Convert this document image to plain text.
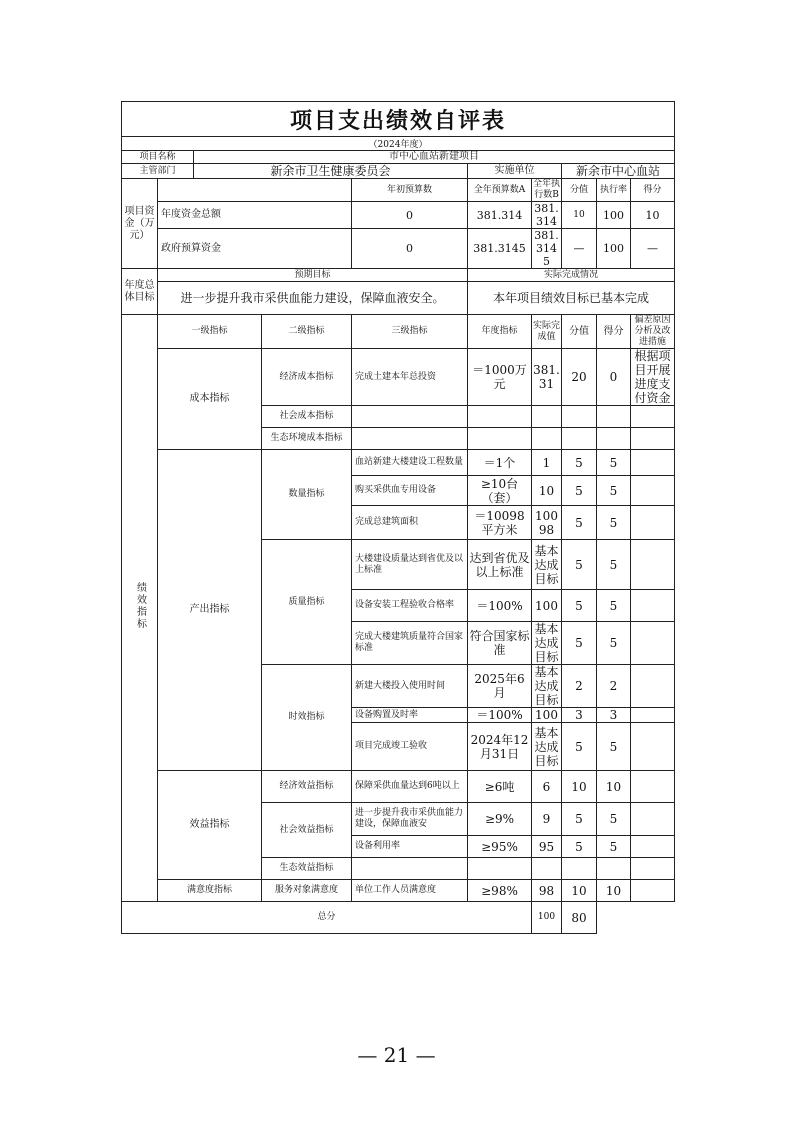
项目支出绩效自评表									
（2024年度）									
项目名称		市中心血站新建项目							
主管部门		新余市卫生健康委员会			实施单位		新余市中心血站		
项目资金（万元）				年初预算数	全年预算数A	全年执行数B	分值	执行率	得分
	年度资金总额			0	381.314	381.314	10	100	10
	政府预算资金			0	381.3145	381.3145	—	100	—
年度总体目标	预期目标				实际完成情况				
	进一步提升我市采供血能力建设，保障血液安全。				本年项目绩效目标已基本完成				
绩效指标	一级指标		二级指标	三级指标	年度指标	实际完成值	分值	得分	偏差原因分析及改进措施
	成本指标		经济成本指标	完成土建本年总投资	＝1000万元	381.31	20	0	根据项目开展进度支付资金
			社会成本指标						
			生态环境成本指标						
	产出指标		数量指标	血站新建大楼建设工程数量	＝1个	1	5	5	
				购买采供血专用设备	≥10台（套）	10	5	5	
				完成总建筑面积	＝10098平方米	10098	5	5	
			质量指标	大楼建设质量达到省优及以上标准	达到省优及以上标准	基本达成目标	5	5	
				设备安装工程验收合格率	＝100%	100	5	5	
				完成大楼建筑质量符合国家标准	符合国家标准	基本达成目标	5	5	
			时效指标	新建大楼投入使用时间	2025年6月	基本达成目标	2	2	
				设备购置及时率	＝100%	100	3	3	
				项目完成竣工验收	2024年12月31日	基本达成目标	5	5	
	效益指标		经济效益指标	保障采供血量达到6吨以上	≥6吨	6	10	10	
			社会效益指标	进一步提升我市采供血能力建设，保障血液安	≥9%	9	5	5	
				设备利用率	≥95%	95	5	5	
			生态效益指标						
	满意度指标		服务对象满意度	单位工作人员满意度	≥98%	98	10	10	
总分						100	80		
— 21 —
